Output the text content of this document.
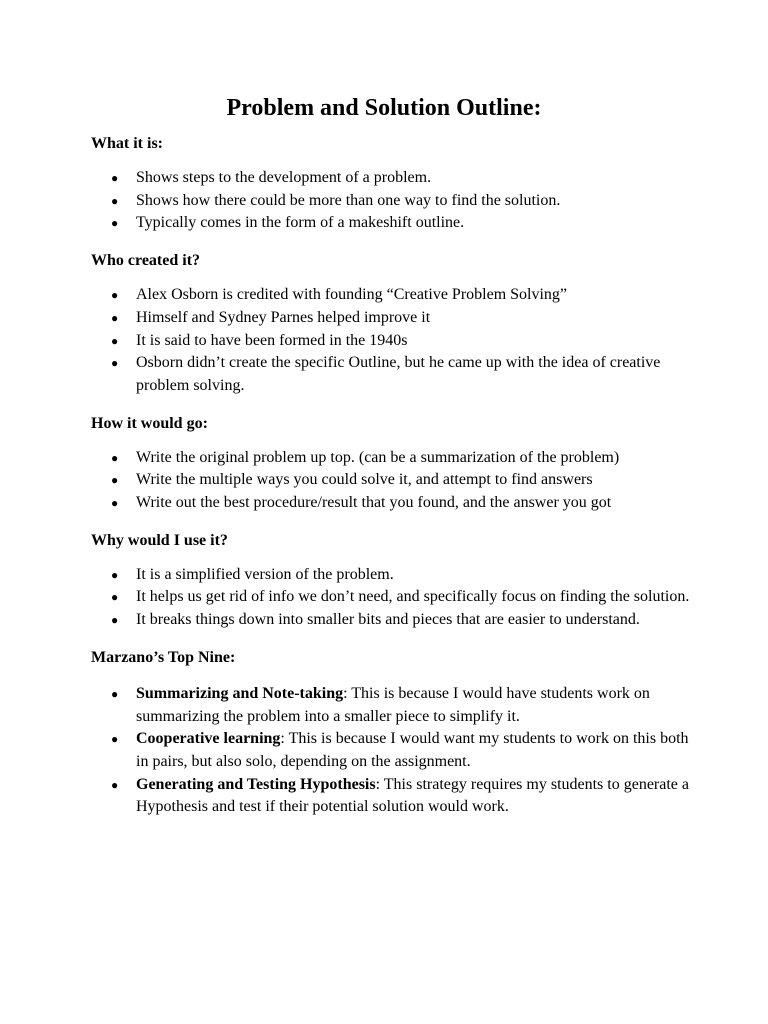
Problem and Solution Outline:
What it is:
● Shows steps to the development of a problem.
● Shows how there could be more than one way to find the solution.
● Typically comes in the form of a makeshift outline.
Who created it?
● Alex Osborn is credited with founding “Creative Problem Solving”
● Himself and Sydney Parnes helped improve it
● It is said to have been formed in the 1940s
● Osborn didn’t create the specific Outline, but he came up with the idea of creative problem solving.
How it would go:
● Write the original problem up top. (can be a summarization of the problem)
● Write the multiple ways you could solve it, and attempt to find answers
● Write out the best procedure/result that you found, and the answer you got
Why would I use it?
● It is a simplified version of the problem.
● It helps us get rid of info we don’t need, and specifically focus on finding the solution.
● It breaks things down into smaller bits and pieces that are easier to understand.
Marzano’s Top Nine:
● Summarizing and Note-taking: This is because I would have students work on summarizing the problem into a smaller piece to simplify it.
● Cooperative learning: This is because I would want my students to work on this both in pairs, but also solo, depending on the assignment.
● Generating and Testing Hypothesis: This strategy requires my students to generate a Hypothesis and test if their potential solution would work.
